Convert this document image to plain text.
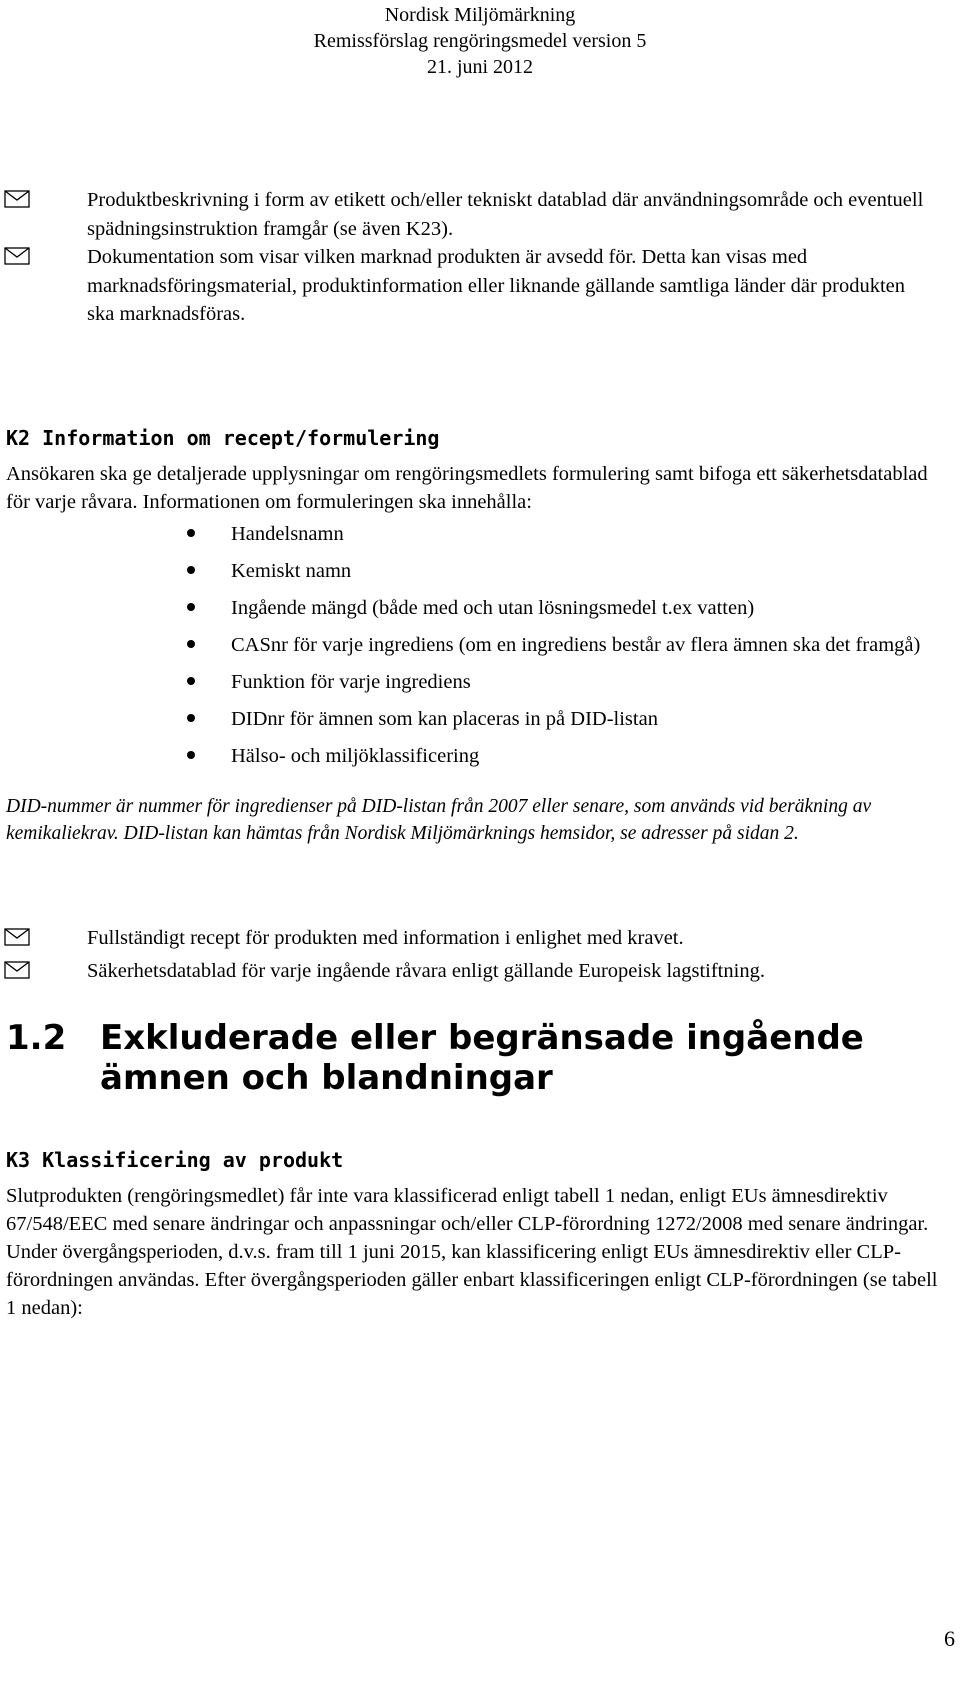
Nordisk Miljömärkning
Remissförslag rengöringsmedel version 5
21. juni 2012
Produktbeskrivning i form av etikett och/eller tekniskt datablad där användningsområde och eventuell spädningsinstruktion framgår (se även K23).
Dokumentation som visar vilken marknad produkten är avsedd för. Detta kan visas med marknadsföringsmaterial, produktinformation eller liknande gällande samtliga länder där produkten ska marknadsföras.
K2 Information om recept/formulering
Ansökaren ska ge detaljerade upplysningar om rengöringsmedlets formulering samt bifoga ett säkerhetsdatablad för varje råvara. Informationen om formuleringen ska innehålla:
Handelsnamn
Kemiskt namn
Ingående mängd (både med och utan lösningsmedel t.ex vatten)
CASnr för varje ingrediens (om en ingrediens består av flera ämnen ska det framgå)
Funktion för varje ingrediens
DIDnr för ämnen som kan placeras in på DID-listan
Hälso- och miljöklassificering
DID-nummer är nummer för ingredienser på DID-listan från 2007 eller senare, som används vid beräkning av kemikaliekrav. DID-listan kan hämtas från Nordisk Miljömärknings hemsidor, se adresser på sidan 2.
Fullständigt recept för produkten med information i enlighet med kravet.
Säkerhetsdatablad för varje ingående råvara enligt gällande Europeisk lagstiftning.
1.2 Exkluderade eller begränsade ingående ämnen och blandningar
K3 Klassificering av produkt
Slutprodukten (rengöringsmedlet) får inte vara klassificerad enligt tabell 1 nedan, enligt EUs ämnesdirektiv 67/548/EEC med senare ändringar och anpassningar och/eller CLP-förordning 1272/2008 med senare ändringar. Under övergångsperioden, d.v.s. fram till 1 juni 2015, kan klassificering enligt EUs ämnesdirektiv eller CLP-förordningen användas. Efter övergångsperioden gäller enbart klassificeringen enligt CLP-förordningen (se tabell 1 nedan):
6
